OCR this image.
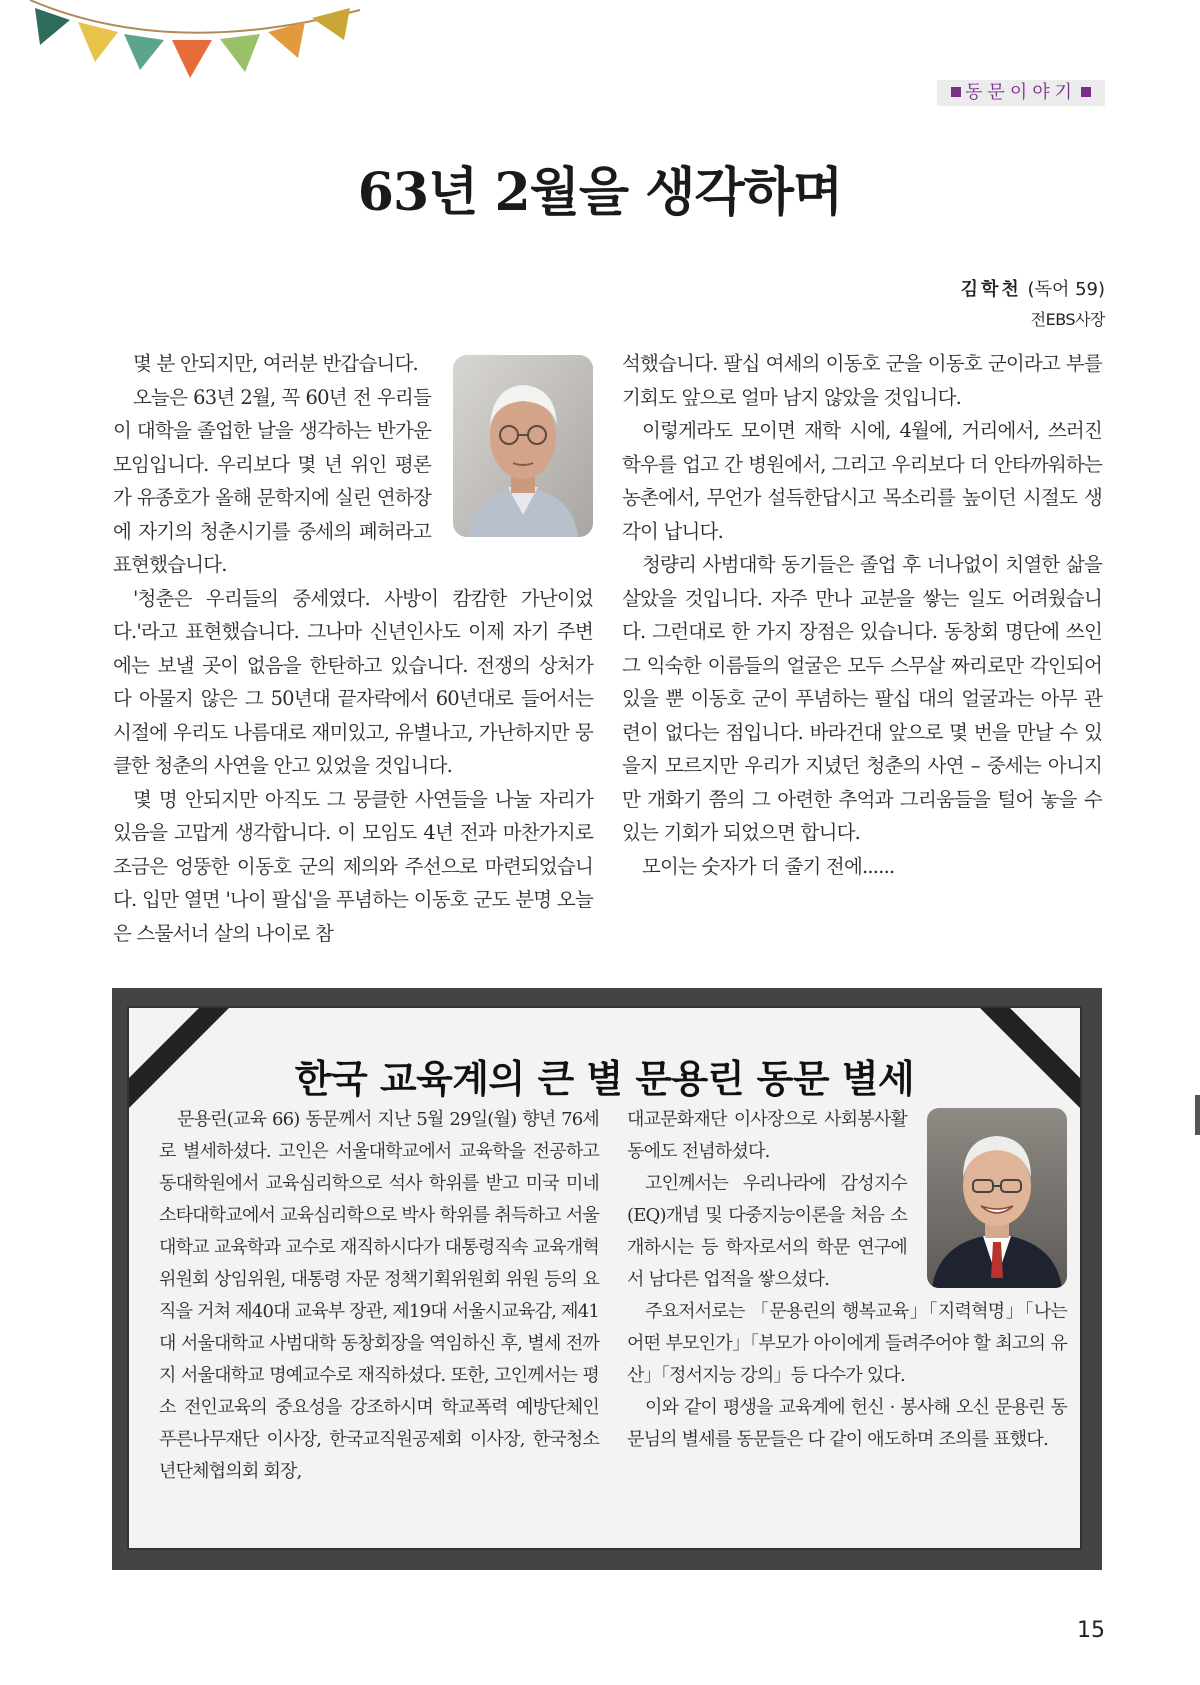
동문이야기
63년 2월을 생각하며
김학천 (독어 59)
전EBS사장

몇 분 안되지만, 여러분 반갑습니다.

오늘은 63년 2월, 꼭 60년 전 우리들이 대학을 졸업한 날을 생각하는 반가운 모임입니다. 우리보다 몇 년 위인 평론가 유종호가 올해 문학지에 실린 연하장에 자기의 청춘시기를 중세의 폐허라고 표현했습니다.

'청춘은 우리들의 중세였다. 사방이 캄캄한 가난이었다.'라고 표현했습니다. 그나마 신년인사도 이제 자기 주변에는 보낼 곳이 없음을 한탄하고 있습니다. 전쟁의 상처가 다 아물지 않은 그 50년대 끝자락에서 60년대로 들어서는 시절에 우리도 나름대로 재미있고, 유별나고, 가난하지만 뭉클한 청춘의 사연을 안고 있었을 것입니다.

몇 명 안되지만 아직도 그 뭉클한 사연들을 나눌 자리가 있음을 고맙게 생각합니다. 이 모임도 4년 전과 마찬가지로 조금은 엉뚱한 이동호 군의 제의와 주선으로 마련되었습니다. 입만 열면 '나이 팔십'을 푸념하는 이동호 군도 분명 오늘은 스물서너 살의 나이로 참

석했습니다. 팔십 여세의 이동호 군을 이동호 군이라고 부를 기회도 앞으로 얼마 남지 않았을 것입니다.

이렇게라도 모이면 재학 시에, 4월에, 거리에서, 쓰러진 학우를 업고 간 병원에서, 그리고 우리보다 더 안타까워하는 농촌에서, 무언가 설득한답시고 목소리를 높이던 시절도 생각이 납니다.

청량리 사범대학 동기들은 졸업 후 너나없이 치열한 삶을 살았을 것입니다. 자주 만나 교분을 쌓는 일도 어려웠습니다. 그런대로 한 가지 장점은 있습니다. 동창회 명단에 쓰인 그 익숙한 이름들의 얼굴은 모두 스무살 짜리로만 각인되어 있을 뿐 이동호 군이 푸념하는 팔십 대의 얼굴과는 아무 관련이 없다는 점입니다. 바라건대 앞으로 몇 번을 만날 수 있을지 모르지만 우리가 지녔던 청춘의 사연 – 중세는 아니지만 개화기 쯤의 그 아련한 추억과 그리움들을 털어 놓을 수 있는 기회가 되었으면 합니다.

모이는 숫자가 더 줄기 전에......

한국 교육계의 큰 별 문용린 동문 별세

문용린(교육 66) 동문께서 지난 5월 29일(월) 향년 76세로 별세하셨다. 고인은 서울대학교에서 교육학을 전공하고 동대학원에서 교육심리학으로 석사 학위를 받고 미국 미네소타대학교에서 교육심리학으로 박사 학위를 취득하고 서울대학교 교육학과 교수로 재직하시다가 대통령직속 교육개혁위원회 상임위원, 대통령 자문 정책기획위원회 위원 등의 요직을 거쳐 제40대 교육부 장관, 제19대 서울시교육감, 제41대 서울대학교 사범대학 동창회장을 역임하신 후, 별세 전까지 서울대학교 명예교수로 재직하셨다. 또한, 고인께서는 평소 전인교육의 중요성을 강조하시며 학교폭력 예방단체인 푸른나무재단 이사장, 한국교직원공제회 이사장, 한국청소년단체협의회 회장,

대교문화재단 이사장으로 사회봉사활동에도 전념하셨다.

고인께서는 우리나라에 감성지수(EQ)개념 및 다중지능이론을 처음 소개하시는 등 학자로서의 학문 연구에서 남다른 업적을 쌓으셨다.

주요저서로는 「문용린의 행복교육」「지력혁명」「나는 어떤 부모인가」「부모가 아이에게 들려주어야 할 최고의 유산」「정서지능 강의」등 다수가 있다.

이와 같이 평생을 교육계에 헌신 · 봉사해 오신 문용린 동문님의 별세를 동문들은 다 같이 애도하며 조의를 표했다.

15
